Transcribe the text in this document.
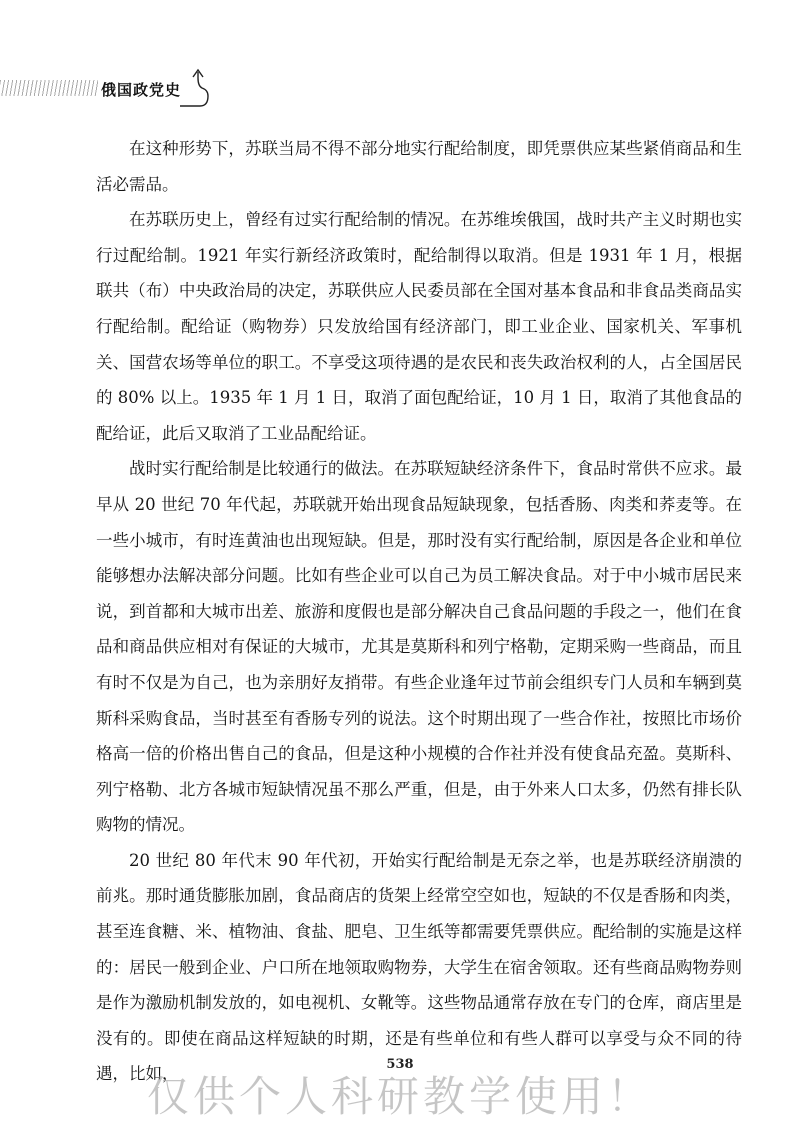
俄国政党史

在这种形势下，苏联当局不得不部分地实行配给制度，即凭票供应某些紧俏商品和生活必需品。

在苏联历史上，曾经有过实行配给制的情况。在苏维埃俄国，战时共产主义时期也实行过配给制。1921 年实行新经济政策时，配给制得以取消。但是 1931 年 1 月，根据联共（布）中央政治局的决定，苏联供应人民委员部在全国对基本食品和非食品类商品实行配给制。配给证（购物券）只发放给国有经济部门，即工业企业、国家机关、军事机关、国营农场等单位的职工。不享受这项待遇的是农民和丧失政治权利的人，占全国居民的 80% 以上。1935 年 1 月 1 日，取消了面包配给证，10 月 1 日，取消了其他食品的配给证，此后又取消了工业品配给证。

战时实行配给制是比较通行的做法。在苏联短缺经济条件下，食品时常供不应求。最早从 20 世纪 70 年代起，苏联就开始出现食品短缺现象，包括香肠、肉类和荞麦等。在一些小城市，有时连黄油也出现短缺。但是，那时没有实行配给制，原因是各企业和单位能够想办法解决部分问题。比如有些企业可以自己为员工解决食品。对于中小城市居民来说，到首都和大城市出差、旅游和度假也是部分解决自己食品问题的手段之一，他们在食品和商品供应相对有保证的大城市，尤其是莫斯科和列宁格勒，定期采购一些商品，而且有时不仅是为自己，也为亲朋好友捎带。有些企业逢年过节前会组织专门人员和车辆到莫斯科采购食品，当时甚至有香肠专列的说法。这个时期出现了一些合作社，按照比市场价格高一倍的价格出售自己的食品，但是这种小规模的合作社并没有使食品充盈。莫斯科、列宁格勒、北方各城市短缺情况虽不那么严重，但是，由于外来人口太多，仍然有排长队购物的情况。

20 世纪 80 年代末 90 年代初，开始实行配给制是无奈之举，也是苏联经济崩溃的前兆。那时通货膨胀加剧，食品商店的货架上经常空空如也，短缺的不仅是香肠和肉类，甚至连食糖、米、植物油、食盐、肥皂、卫生纸等都需要凭票供应。配给制的实施是这样的：居民一般到企业、户口所在地领取购物券，大学生在宿舍领取。还有些商品购物券则是作为激励机制发放的，如电视机、女靴等。这些物品通常存放在专门的仓库，商店里是没有的。即使在商品这样短缺的时期，还是有些单位和有些人群可以享受与众不同的待遇，比如，	538
仅供个人科研教学使用！
